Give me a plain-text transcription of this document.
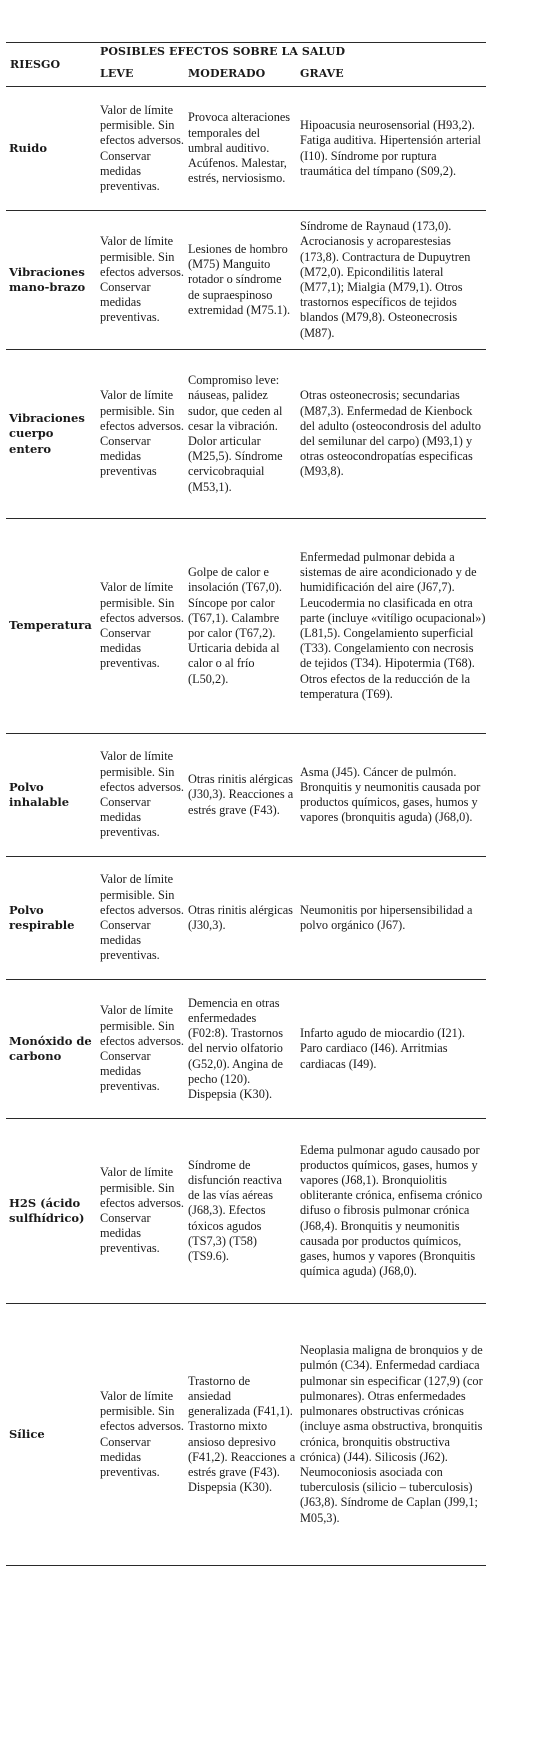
RIESGO	POSIBLES EFECTOS SOBRE LA SALUD		
	LEVE	MODERADO	GRAVE
Ruido	Valor de límite permisible. Sin efectos adversos. Conservar medidas preventivas.	Provoca alteraciones temporales del umbral auditivo. Acúfenos. Malestar, estrés, nerviosismo.	Hipoacusia neurosensorial (H93,2). Fatiga auditiva. Hipertensión arterial (I10). Síndrome por ruptura traumática del tímpano (S09,2).
Vibraciones mano-brazo	Valor de límite permisible. Sin efectos adversos. Conservar medidas preventivas.	Lesiones de hombro (M75) Manguito rotador o síndrome de supraespinoso extremidad (M75.1).	Síndrome de Raynaud (173,0). Acrocianosis y acroparestesias (173,8). Contractura de Dupuytren (M72,0). Epicondilitis lateral (M77,1); Mialgia (M79,1). Otros trastornos específicos de tejidos blandos (M79,8). Osteonecrosis (M87).
Vibraciones cuerpo entero	Valor de límite permisible. Sin efectos adversos. Conservar medidas preventivas	Compromiso leve: náuseas, palidez sudor, que ceden al cesar la vibración. Dolor articular (M25,5). Síndrome cervicobraquial (M53,1).	Otras osteonecrosis; secundarias (M87,3). Enfermedad de Kienbock del adulto (osteocondrosis del adulto del semilunar del carpo) (M93,1) y otras osteocondropatías especificas (M93,8).
Temperatura	Valor de límite permisible. Sin efectos adversos. Conservar medidas preventivas.	Golpe de calor e insolación (T67,0). Síncope por calor (T67,1). Calambre por calor (T67,2). Urticaria debida al calor o al frío (L50,2).	Enfermedad pulmonar debida a sistemas de aire acondicionado y de humidificación del aire (J67,7). Leucodermia no clasificada en otra parte (incluye «vitíligo ocupacional») (L81,5). Congelamiento superficial (T33). Congelamiento con necrosis de tejidos (T34). Hipotermia (T68). Otros efectos de la reducción de la temperatura (T69).
Polvo inhalable	Valor de límite permisible. Sin efectos adversos. Conservar medidas preventivas.	Otras rinitis alérgicas (J30,3). Reacciones a estrés grave (F43).	Asma (J45). Cáncer de pulmón. Bronquitis y neumonitis causada por productos químicos, gases, humos y vapores (bronquitis aguda) (J68,0).
Polvo respirable	Valor de límite permisible. Sin efectos adversos. Conservar medidas preventivas.	Otras rinitis alérgicas (J30,3).	Neumonitis por hipersensibilidad a polvo orgánico (J67).
Monóxido de carbono	Valor de límite permisible. Sin efectos adversos. Conservar medidas preventivas.	Demencia en otras enfermedades (F02:8). Trastornos del nervio olfatorio (G52,0). Angina de pecho (120). Dispepsia (K30).	Infarto agudo de miocardio (I21). Paro cardiaco (I46). Arritmias cardiacas (I49).
H2S (ácido sulfhídrico)	Valor de límite permisible. Sin efectos adversos. Conservar medidas preventivas.	Síndrome de disfunción reactiva de las vías aéreas (J68,3). Efectos tóxicos agudos (TS7,3) (T58) (TS9.6).	Edema pulmonar agudo causado por productos químicos, gases, humos y vapores (J68,1). Bronquiolitis obliterante crónica, enfisema crónico difuso o fibrosis pulmonar crónica (J68,4). Bronquitis y neumonitis causada por productos químicos, gases, humos y vapores (Bronquitis química aguda) (J68,0).
Sílice	Valor de límite permisible. Sin efectos adversos. Conservar medidas preventivas.	Trastorno de ansiedad generalizada (F41,1). Trastorno mixto ansioso depresivo (F41,2). Reacciones a estrés grave (F43). Dispepsia (K30).	Neoplasia maligna de bronquios y de pulmón (C34). Enfermedad cardiaca pulmonar sin especificar (127,9) (cor pulmonares). Otras enfermedades pulmonares obstructivas crónicas (incluye asma obstructiva, bronquitis crónica, bronquitis obstructiva crónica) (J44). Silicosis (J62). Neumoconiosis asociada con tuberculosis (silicio – tuberculosis) (J63,8). Síndrome de Caplan (J99,1; M05,3).
